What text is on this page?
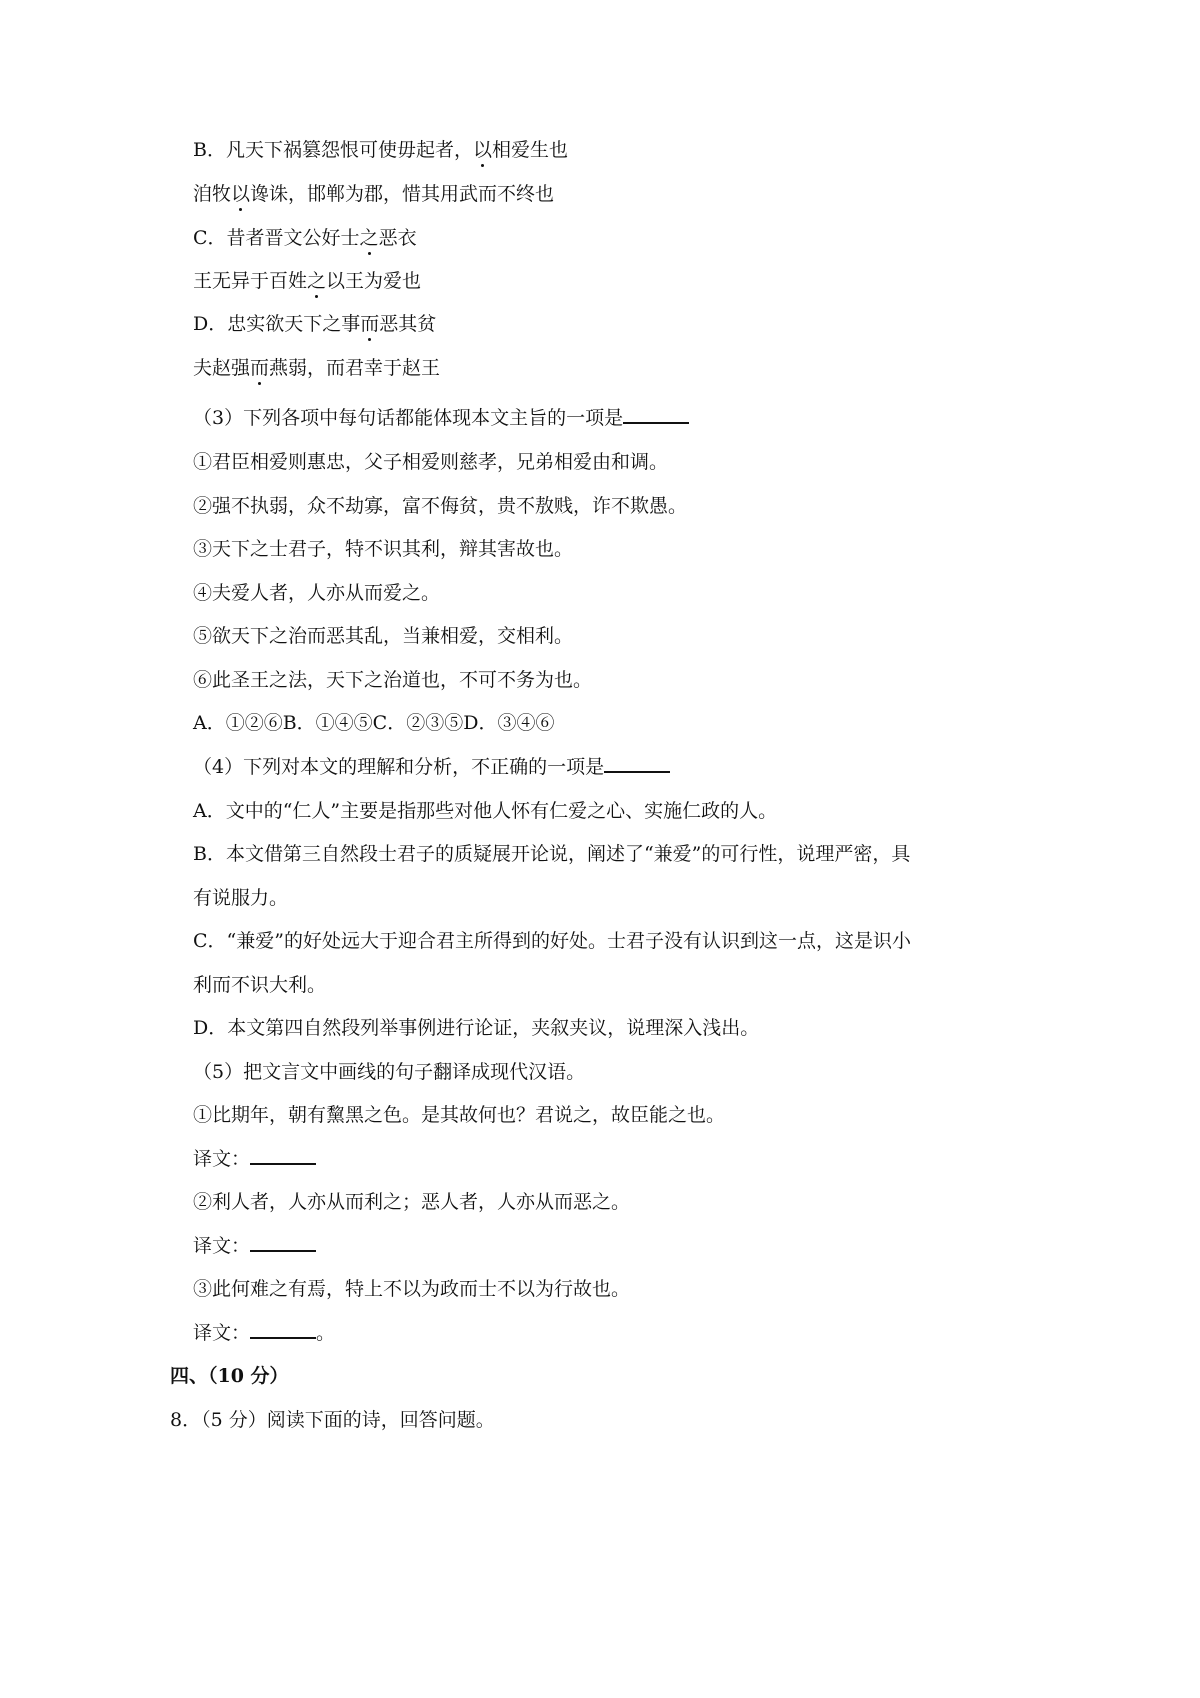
B．凡天下祸篡怨恨可使毋起者，以相爱生也
洎牧以谗诛，邯郸为郡，惜其用武而不终也
C．昔者晋文公好士之恶衣
王无异于百姓之以王为爱也
D．忠实欲天下之事而恶其贫
夫赵强而燕弱，而君幸于赵王
（3）下列各项中每句话都能体现本文主旨的一项是
①君臣相爱则惠忠，父子相爱则慈孝，兄弟相爱由和调。
②强不执弱，众不劫寡，富不侮贫，贵不敖贱，诈不欺愚。
③天下之士君子，特不识其利，辩其害故也。
④夫爱人者，人亦从而爱之。
⑤欲天下之治而恶其乱，当兼相爱，交相利。
⑥此圣王之法，天下之治道也，不可不务为也。
A．①②⑥B．①④⑤C．②③⑤D．③④⑥
（4）下列对本文的理解和分析，不正确的一项是
A．文中的“仁人”主要是指那些对他人怀有仁爱之心、实施仁政的人。
B．本文借第三自然段士君子的质疑展开论说，阐述了“兼爱”的可行性，说理严密，具
有说服力。
C．“兼爱”的好处远大于迎合君主所得到的好处。士君子没有认识到这一点，这是识小
利而不识大利。
D．本文第四自然段列举事例进行论证，夹叙夹议，说理深入浅出。
（5）把文言文中画线的句子翻译成现代汉语。
①比期年，朝有黧黑之色。是其故何也？君说之，故臣能之也。
译文：
②利人者，人亦从而利之；恶人者，人亦从而恶之。
译文：
③此何难之有焉，特上不以为政而士不以为行故也。
译文：	。
四、（10 分）
8．（5 分）阅读下面的诗，回答问题。
